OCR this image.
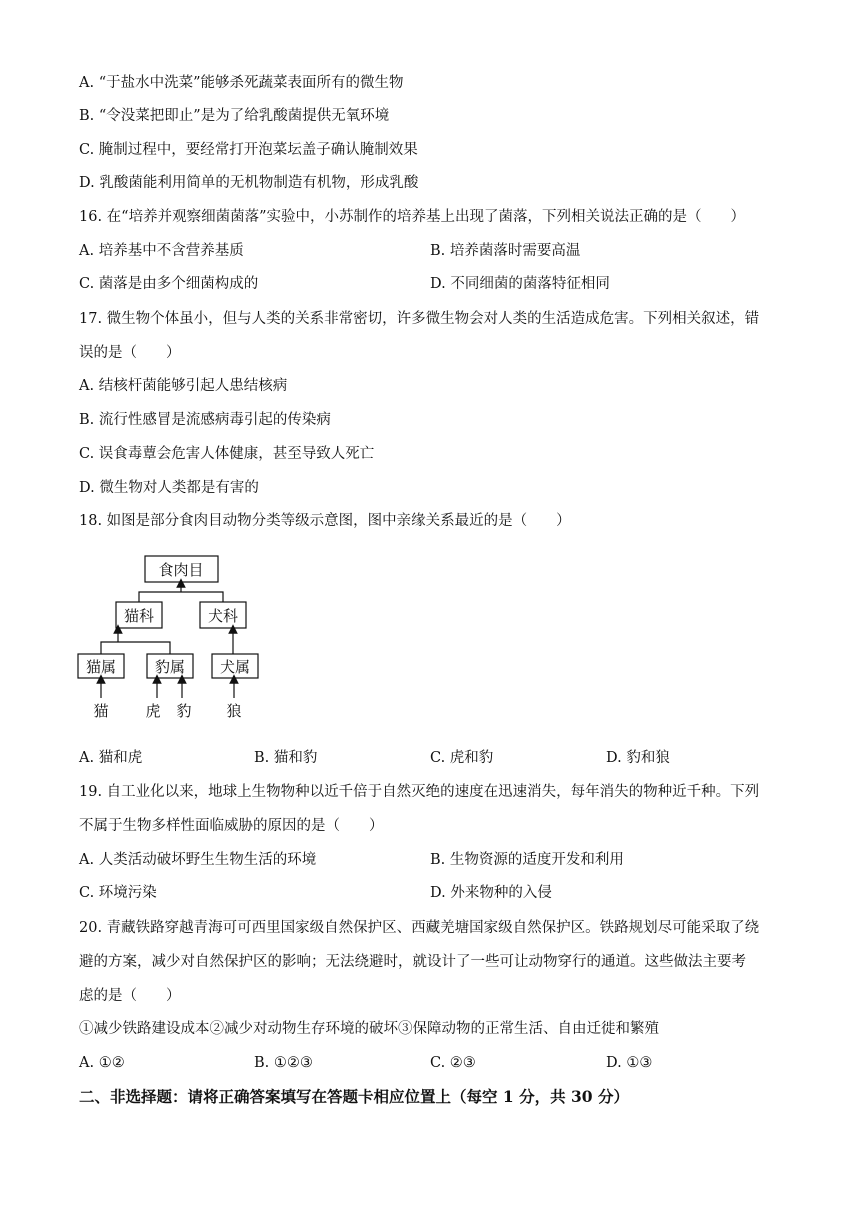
A. “于盐水中洗菜”能够杀死蔬菜表面所有的微生物
B. “令没菜把即止”是为了给乳酸菌提供无氧环境
C. 腌制过程中，要经常打开泡菜坛盖子确认腌制效果
D. 乳酸菌能利用简单的无机物制造有机物，形成乳酸
16. 在“培养并观察细菌菌落”实验中，小苏制作的培养基上出现了菌落，下列相关说法正确的是（　　）
A. 培养基中不含营养基质	B. 培养菌落时需要高温
C. 菌落是由多个细菌构成的	D. 不同细菌的菌落特征相同
17. 微生物个体虽小，但与人类的关系非常密切，许多微生物会对人类的生活造成危害。下列相关叙述，错
误的是（　　）
A. 结核杆菌能够引起人患结核病
B. 流行性感冒是流感病毒引起的传染病
C. 误食毒蕈会危害人体健康，甚至导致人死亡
D. 微生物对人类都是有害的
18. 如图是部分食肉目动物分类等级示意图，图中亲缘关系最近的是（　　）
食肉目
猫科	犬科
猫属	豹属 犬属
猫 虎 豹 狼
A. 猫和虎	B. 猫和豹	C. 虎和豹	D. 豹和狼
19. 自工业化以来，地球上生物物种以近千倍于自然灭绝的速度在迅速消失，每年消失的物种近千种。下列
不属于生物多样性面临威胁的原因的是（　　）
A. 人类活动破坏野生生物生活的环境	B. 生物资源的适度开发和利用
C. 环境污染	D. 外来物种的入侵
20. 青藏铁路穿越青海可可西里国家级自然保护区、西藏羌塘国家级自然保护区。铁路规划尽可能采取了绕
避的方案，减少对自然保护区的影响；无法绕避时，就设计了一些可让动物穿行的通道。这些做法主要考
虑的是（　　）
①减少铁路建设成本②减少对动物生存环境的破坏③保障动物的正常生活、自由迁徙和繁殖
A. ①②	B. ①②③	C. ②③	D. ①③
二、非选择题：请将正确答案填写在答题卡相应位置上（每空 1 分，共 30 分）
